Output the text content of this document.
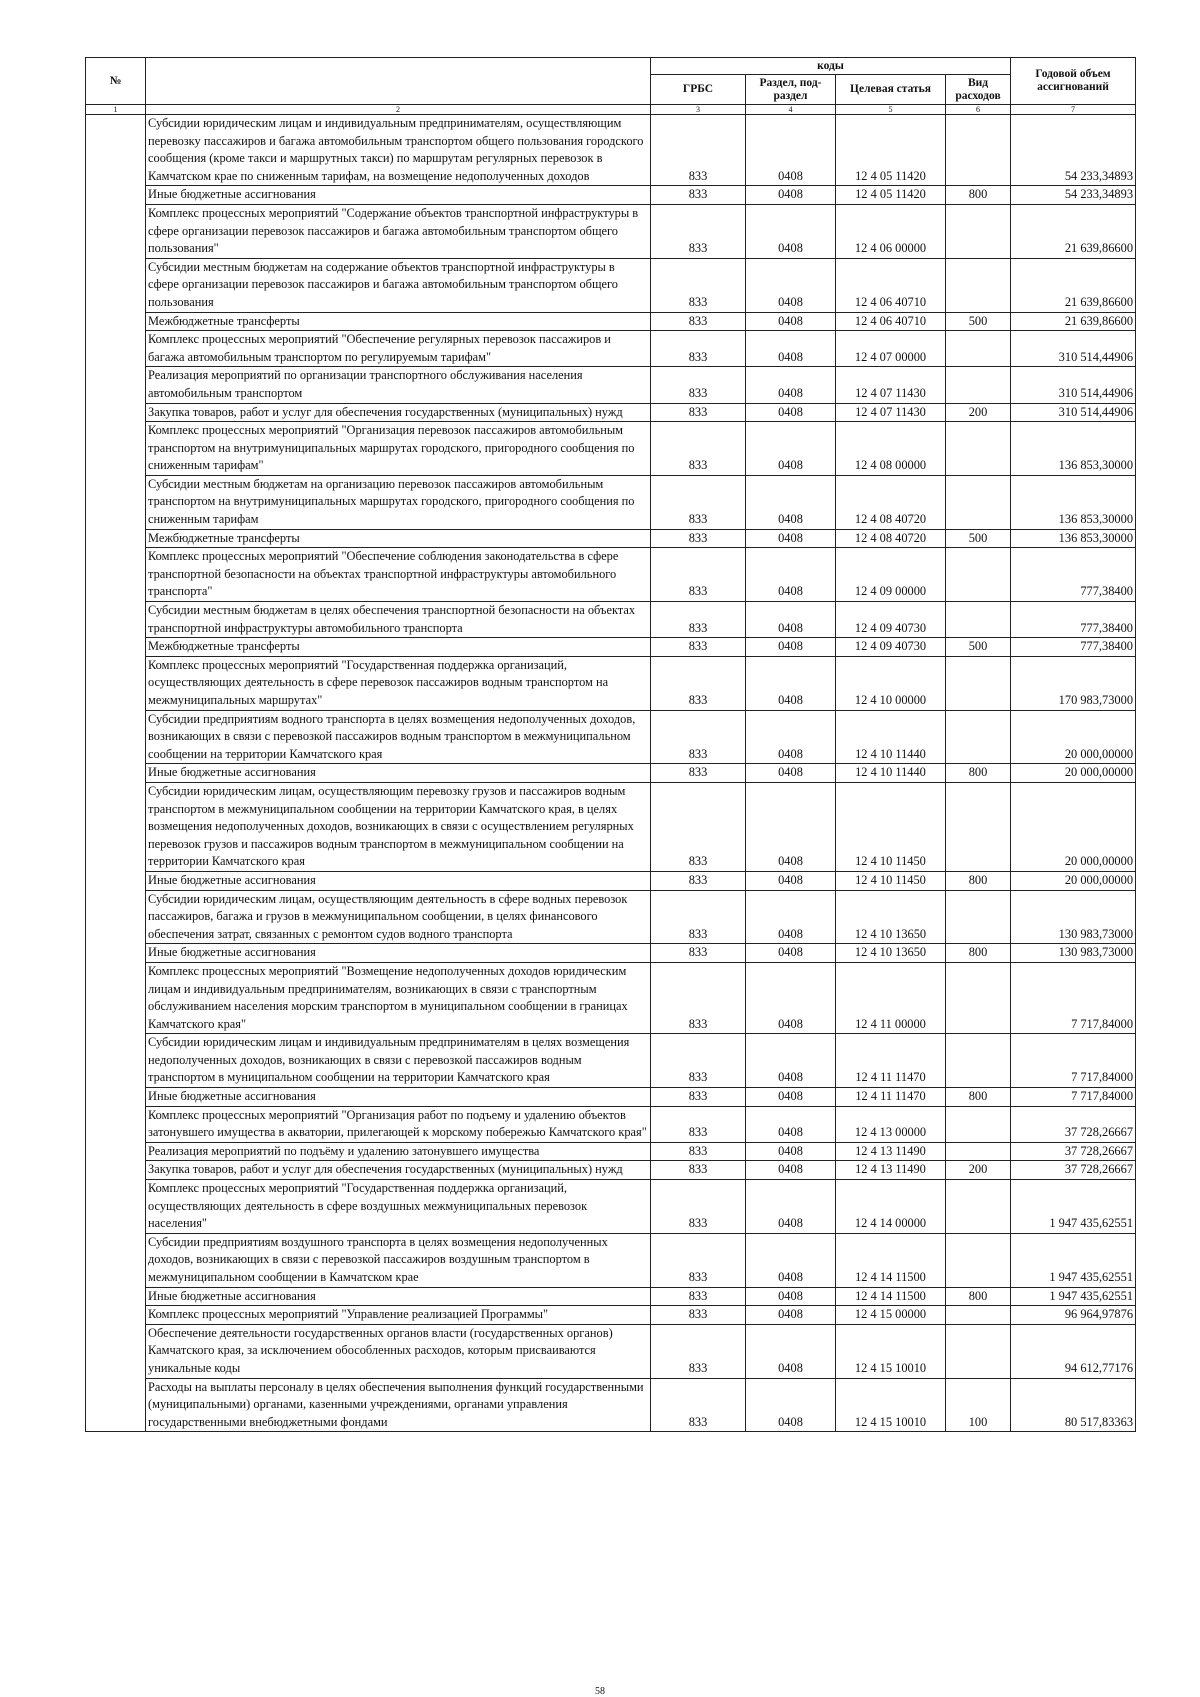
№		коды				Годовой объем ассигнований
		ГРБС	Раздел, под-раздел	Целевая статья	Вид расходов	
1	2	3	4	5	6	7
	Субсидии юридическим лицам и индивидуальным предпринимателям, осуществляющим перевозку пассажиров и багажа автомобильным транспортом общего пользования городского сообщения (кроме такси и маршрутных такси) по маршрутам регулярных перевозок в Камчатском крае по сниженным тарифам, на возмещение недополученных доходов	833	0408	12 4 05 11420		54 233,34893
	Иные бюджетные ассигнования	833	0408	12 4 05 11420	800	54 233,34893
	Комплекс процессных мероприятий "Содержание объектов транспортной инфраструктуры в сфере организации перевозок пассажиров и багажа автомобильным транспортом общего пользования"	833	0408	12 4 06 00000		21 639,86600
	Субсидии местным бюджетам на содержание объектов транспортной инфраструктуры в сфере организации перевозок пассажиров и багажа автомобильным транспортом общего пользования	833	0408	12 4 06 40710		21 639,86600
	Межбюджетные трансферты	833	0408	12 4 06 40710	500	21 639,86600
	Комплекс процессных мероприятий "Обеспечение регулярных перевозок пассажиров и багажа автомобильным транспортом по регулируемым тарифам"	833	0408	12 4 07 00000		310 514,44906
	Реализация мероприятий по организации транспортного обслуживания населения автомобильным транспортом	833	0408	12 4 07 11430		310 514,44906
	Закупка товаров, работ и услуг для обеспечения государственных (муниципальных) нужд	833	0408	12 4 07 11430	200	310 514,44906
	Комплекс процессных мероприятий "Организация перевозок пассажиров автомобильным транспортом на внутримуниципальных маршрутах городского, пригородного сообщения по сниженным тарифам"	833	0408	12 4 08 00000		136 853,30000
	Субсидии местным бюджетам на организацию перевозок пассажиров автомобильным транспортом на внутримуниципальных маршрутах городского, пригородного сообщения по сниженным тарифам	833	0408	12 4 08 40720		136 853,30000
	Межбюджетные трансферты	833	0408	12 4 08 40720	500	136 853,30000
	Комплекс процессных мероприятий "Обеспечение соблюдения законодательства в сфере транспортной безопасности на объектах транспортной инфраструктуры автомобильного транспорта"	833	0408	12 4 09 00000		777,38400
	Субсидии местным бюджетам в целях обеспечения транспортной безопасности на объектах транспортной инфраструктуры автомобильного транспорта	833	0408	12 4 09 40730		777,38400
	Межбюджетные трансферты	833	0408	12 4 09 40730	500	777,38400
	Комплекс процессных мероприятий "Государственная поддержка организаций, осуществляющих деятельность в сфере перевозок пассажиров водным транспортом на межмуниципальных маршрутах"	833	0408	12 4 10 00000		170 983,73000
	Субсидии предприятиям водного транспорта в целях возмещения недополученных доходов, возникающих в связи с перевозкой пассажиров водным транспортом в межмуниципальном сообщении на территории Камчатского края	833	0408	12 4 10 11440		20 000,00000
	Иные бюджетные ассигнования	833	0408	12 4 10 11440	800	20 000,00000
	Субсидии юридическим лицам, осуществляющим перевозку грузов и пассажиров водным транспортом в межмуниципальном сообщении на территории Камчатского края, в целях возмещения недополученных доходов, возникающих в связи с осуществлением регулярных перевозок грузов и пассажиров водным транспортом в межмуниципальном сообщении на территории Камчатского края	833	0408	12 4 10 11450		20 000,00000
	Иные бюджетные ассигнования	833	0408	12 4 10 11450	800	20 000,00000
	Субсидии юридическим лицам, осуществляющим деятельность в сфере водных перевозок пассажиров, багажа и грузов в межмуниципальном сообщении, в целях финансового обеспечения затрат, связанных с ремонтом судов водного транспорта	833	0408	12 4 10 13650		130 983,73000
	Иные бюджетные ассигнования	833	0408	12 4 10 13650	800	130 983,73000
	Комплекс процессных мероприятий "Возмещение недополученных доходов юридическим лицам и индивидуальным предпринимателям, возникающих в связи с транспортным обслуживанием населения морским транспортом в муниципальном сообщении в границах Камчатского края"	833	0408	12 4 11 00000		7 717,84000
	Субсидии юридическим лицам и индивидуальным предпринимателям в целях возмещения недополученных доходов, возникающих в связи с перевозкой пассажиров водным транспортом в муниципальном сообщении на территории Камчатского края	833	0408	12 4 11 11470		7 717,84000
	Иные бюджетные ассигнования	833	0408	12 4 11 11470	800	7 717,84000
	Комплекс процессных мероприятий "Организация работ по подъему и удалению объектов затонувшего имущества в акватории, прилегающей к морскому побережью Камчатского края"	833	0408	12 4 13 00000		37 728,26667
	Реализация мероприятий по подъёму и удалению затонувшего имущества	833	0408	12 4 13 11490		37 728,26667
	Закупка товаров, работ и услуг для обеспечения государственных (муниципальных) нужд	833	0408	12 4 13 11490	200	37 728,26667
	Комплекс процессных мероприятий "Государственная поддержка организаций, осуществляющих деятельность в сфере воздушных межмуниципальных перевозок населения"	833	0408	12 4 14 00000		1 947 435,62551
	Субсидии предприятиям воздушного транспорта в целях возмещения недополученных доходов, возникающих в связи с перевозкой пассажиров воздушным транспортом в межмуниципальном сообщении в Камчатском крае	833	0408	12 4 14 11500		1 947 435,62551
	Иные бюджетные ассигнования	833	0408	12 4 14 11500	800	1 947 435,62551
	Комплекс процессных мероприятий "Управление реализацией Программы"	833	0408	12 4 15 00000		96 964,97876
	Обеспечение деятельности государственных органов власти (государственных органов) Камчатского края, за исключением обособленных расходов, которым присваиваются уникальные коды	833	0408	12 4 15 10010		94 612,77176
	Расходы на выплаты персоналу в целях обеспечения выполнения функций государственными (муниципальными) органами, казенными учреждениями, органами управления государственными внебюджетными фондами	833	0408	12 4 15 10010	100	80 517,83363
58
